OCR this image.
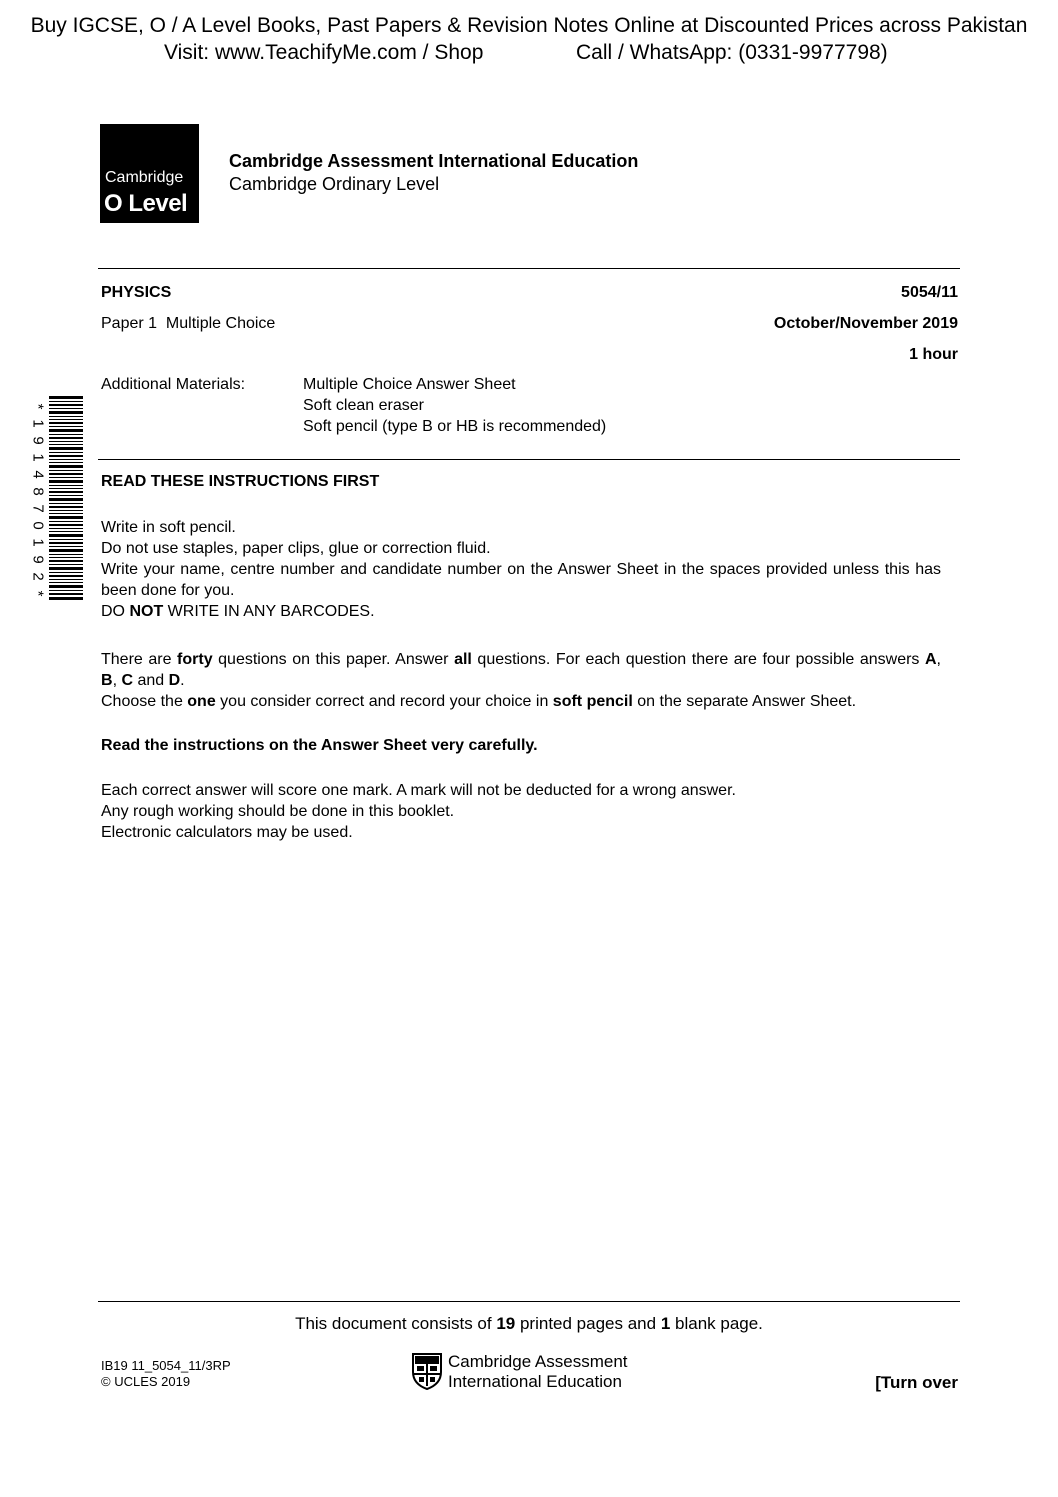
Buy IGCSE, O / A Level Books, Past Papers & Revision Notes Online at Discounted Prices across Pakistan
Visit: www.TeachifyMe.com / Shop	Call / WhatsApp: (0331-9977798)
Cambridge
O Level
Cambridge Assessment International Education
Cambridge Ordinary Level
PHYSICS	5054/11
Paper 1  Multiple Choice	October/November 2019
1 hour
Additional Materials:	Multiple Choice Answer Sheet
Soft clean eraser
Soft pencil (type B or HB is recommended)
*
1
9
1
4
8
7
0
1
9
2
*
READ THESE INSTRUCTIONS FIRST
Write in soft pencil.
Do not use staples, paper clips, glue or correction fluid.
Write your name, centre number and candidate number on the Answer Sheet in the spaces provided unless this has been done for you.
DO NOT WRITE IN ANY BARCODES.
There are forty questions on this paper. Answer all questions. For each question there are four possible answers A, B, C and D.
Choose the one you consider correct and record your choice in soft pencil on the separate Answer Sheet.
Read the instructions on the Answer Sheet very carefully.
Each correct answer will score one mark. A mark will not be deducted for a wrong answer.
Any rough working should be done in this booklet.
Electronic calculators may be used.
This document consists of 19 printed pages and 1 blank page.
IB19 11_5054_11/3RP
© UCLES 2019
Cambridge Assessment
International Education	[Turn over
